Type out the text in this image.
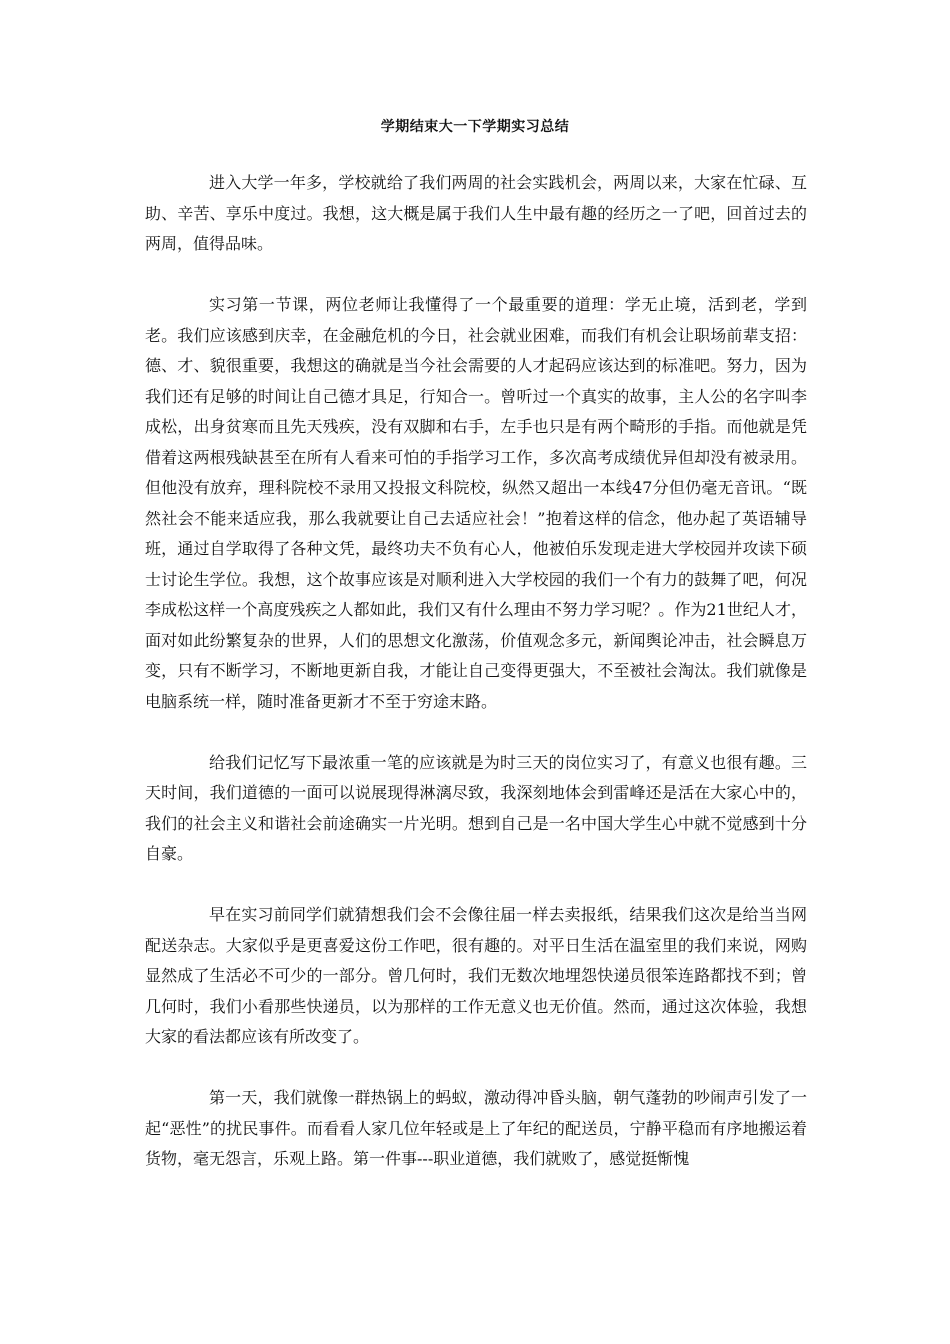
学期结束大一下学期实习总结

进入大学一年多，学校就给了我们两周的社会实践机会，两周以来，大家在忙碌、互助、辛苦、享乐中度过。我想，这大概是属于我们人生中最有趣的经历之一了吧，回首过去的两周，值得品味。

实习第一节课，两位老师让我懂得了一个最重要的道理：学无止境，活到老，学到老。我们应该感到庆幸，在金融危机的今日，社会就业困难，而我们有机会让职场前辈支招：德、才、貌很重要，我想这的确就是当今社会需要的人才起码应该达到的标准吧。努力，因为我们还有足够的时间让自己德才具足，行知合一。曾听过一个真实的故事，主人公的名字叫李成松，出身贫寒而且先天残疾，没有双脚和右手，左手也只是有两个畸形的手指。而他就是凭借着这两根残缺甚至在所有人看来可怕的手指学习工作，多次高考成绩优异但却没有被录用。但他没有放弃，理科院校不录用又投报文科院校，纵然又超出一本线47分但仍毫无音讯。“既然社会不能来适应我，那么我就要让自己去适应社会！”抱着这样的信念，他办起了英语辅导班，通过自学取得了各种文凭，最终功夫不负有心人，他被伯乐发现走进大学校园并攻读下硕士讨论生学位。我想，这个故事应该是对顺利进入大学校园的我们一个有力的鼓舞了吧，何况李成松这样一个高度残疾之人都如此，我们又有什么理由不努力学习呢？。作为21世纪人才，面对如此纷繁复杂的世界，人们的思想文化激荡，价值观念多元，新闻舆论冲击，社会瞬息万变，只有不断学习，不断地更新自我，才能让自己变得更强大，不至被社会淘汰。我们就像是电脑系统一样，随时准备更新才不至于穷途末路。

给我们记忆写下最浓重一笔的应该就是为时三天的岗位实习了，有意义也很有趣。三天时间，我们道德的一面可以说展现得淋漓尽致，我深刻地体会到雷峰还是活在大家心中的，我们的社会主义和谐社会前途确实一片光明。想到自己是一名中国大学生心中就不觉感到十分自豪。

早在实习前同学们就猜想我们会不会像往届一样去卖报纸，结果我们这次是给当当网配送杂志。大家似乎是更喜爱这份工作吧，很有趣的。对平日生活在温室里的我们来说，网购显然成了生活必不可少的一部分。曾几何时，我们无数次地埋怨快递员很笨连路都找不到；曾几何时，我们小看那些快递员，以为那样的工作无意义也无价值。然而，通过这次体验，我想大家的看法都应该有所改变了。

第一天，我们就像一群热锅上的蚂蚁，激动得冲昏头脑，朝气蓬勃的吵闹声引发了一起“恶性”的扰民事件。而看看人家几位年轻或是上了年纪的配送员，宁静平稳而有序地搬运着货物，毫无怨言，乐观上路。第一件事---职业道德，我们就败了，感觉挺惭愧
